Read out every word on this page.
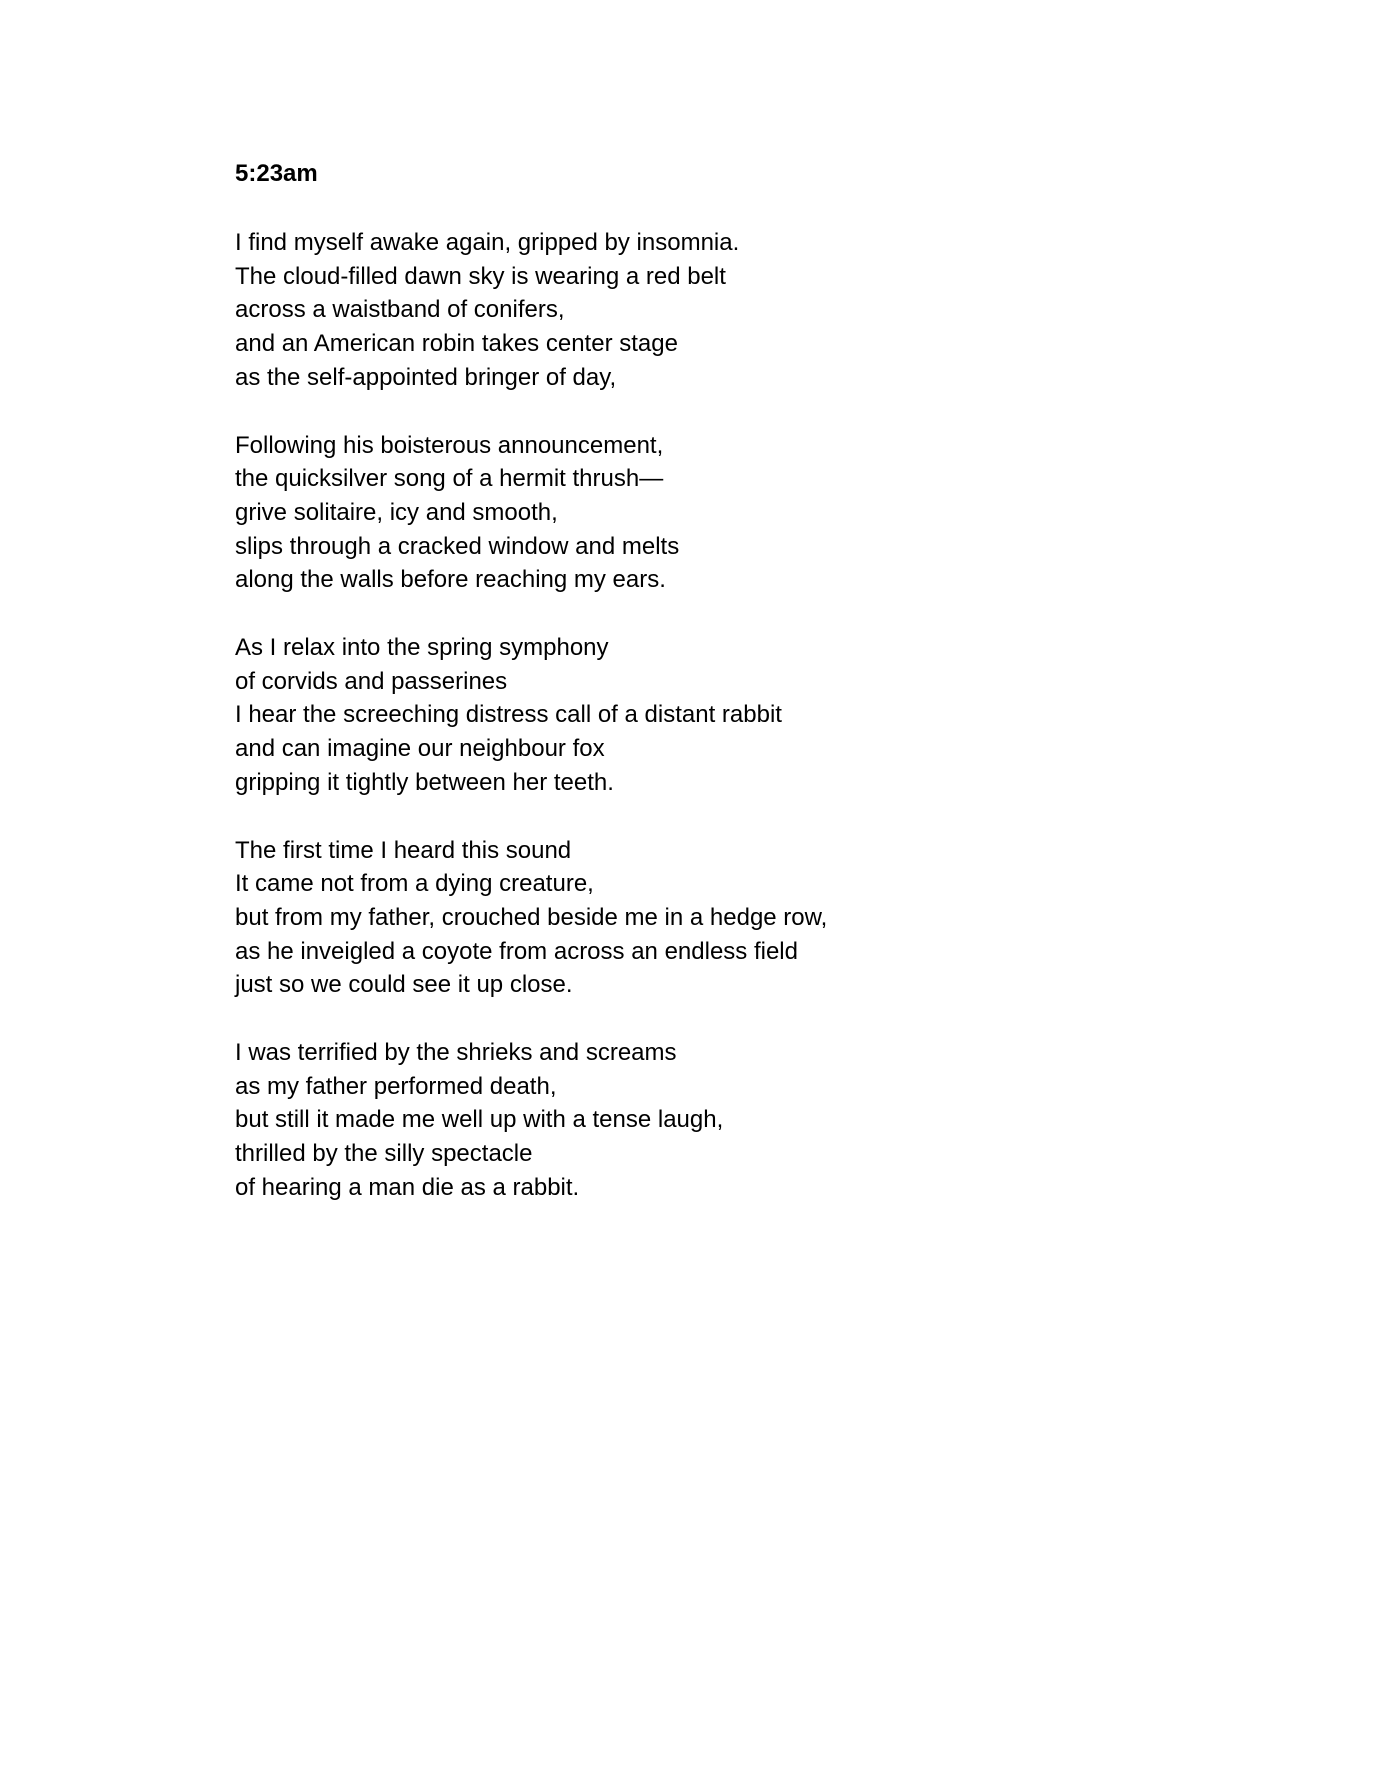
5:23am
I find myself awake again, gripped by insomnia.
The cloud-filled dawn sky is wearing a red belt
across a waistband of conifers,
and an American robin takes center stage
as the self-appointed bringer of day,
Following his boisterous announcement,
the quicksilver song of a hermit thrush—
grive solitaire, icy and smooth,
slips through a cracked window and melts
along the walls before reaching my ears.
As I relax into the spring symphony
of corvids and passerines
I hear the screeching distress call of a distant rabbit
and can imagine our neighbour fox
gripping it tightly between her teeth.
The first time I heard this sound
It came not from a dying creature,
but from my father, crouched beside me in a hedge row,
as he inveigled a coyote from across an endless field
just so we could see it up close.
I was terrified by the shrieks and screams
as my father performed death,
but still it made me well up with a tense laugh,
thrilled by the silly spectacle
of hearing a man die as a rabbit.
